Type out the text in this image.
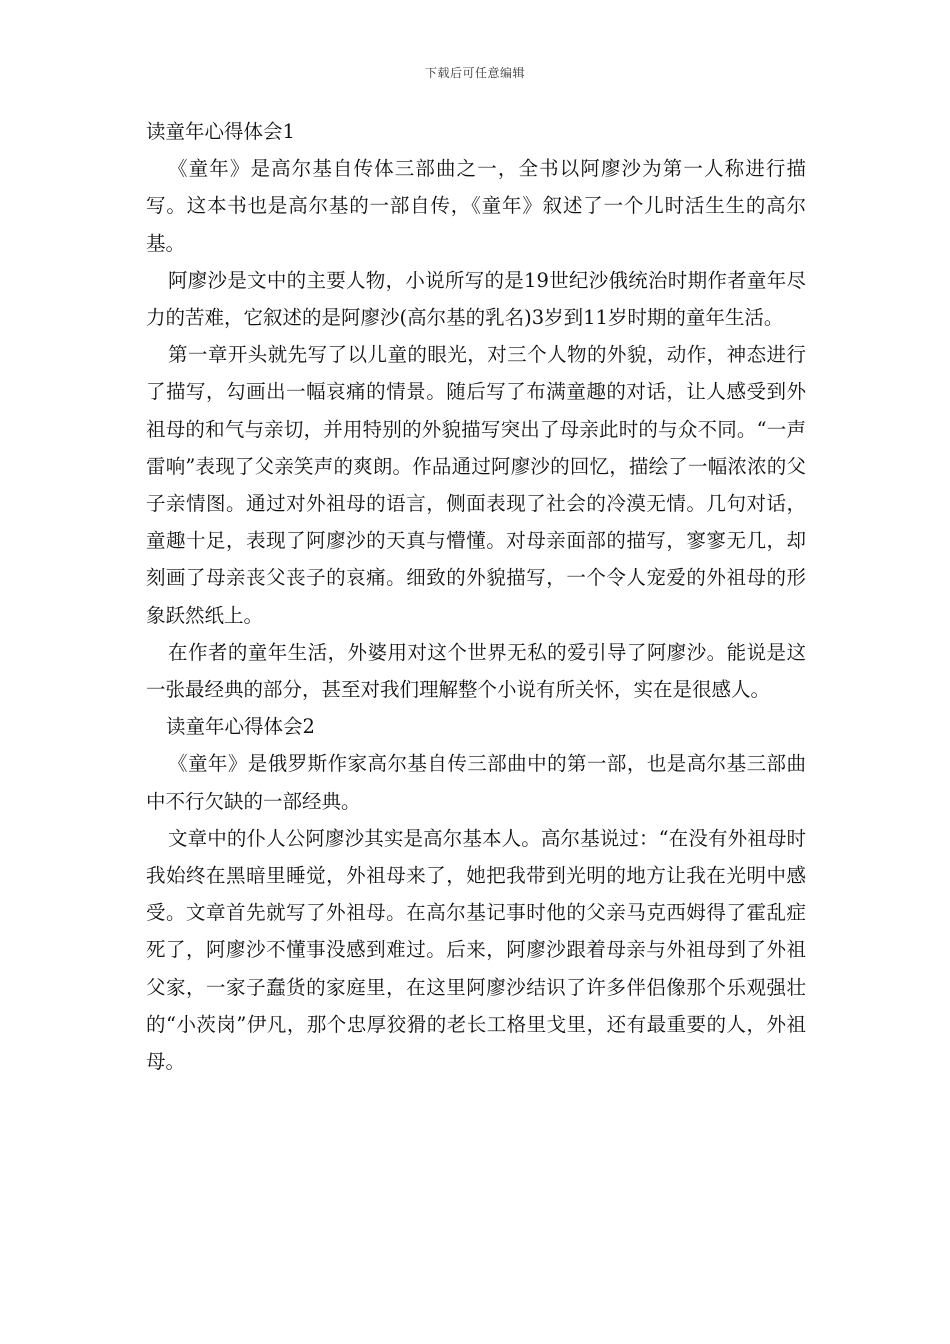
下载后可任意编辑

读童年心得体会1

《童年》是高尔基自传体三部曲之一，全书以阿廖沙为第一人称进行描写。这本书也是高尔基的一部自传，《童年》叙述了一个儿时活生生的高尔基。

阿廖沙是文中的主要人物，小说所写的是19世纪沙俄统治时期作者童年尽力的苦难，它叙述的是阿廖沙(高尔基的乳名)3岁到11岁时期的童年生活。

第一章开头就先写了以儿童的眼光，对三个人物的外貌，动作，神态进行了描写，勾画出一幅哀痛的情景。随后写了布满童趣的对话，让人感受到外祖母的和气与亲切，并用特别的外貌描写突出了母亲此时的与众不同。“一声雷响”表现了父亲笑声的爽朗。作品通过阿廖沙的回忆，描绘了一幅浓浓的父子亲情图。通过对外祖母的语言，侧面表现了社会的冷漠无情。几句对话，童趣十足，表现了阿廖沙的天真与懵懂。对母亲面部的描写，寥寥无几，却刻画了母亲丧父丧子的哀痛。细致的外貌描写，一个令人宠爱的外祖母的形象跃然纸上。

在作者的童年生活，外婆用对这个世界无私的爱引导了阿廖沙。能说是这一张最经典的部分，甚至对我们理解整个小说有所关怀，实在是很感人。

读童年心得体会2

《童年》是俄罗斯作家高尔基自传三部曲中的第一部，也是高尔基三部曲中不行欠缺的一部经典。

文章中的仆人公阿廖沙其实是高尔基本人。高尔基说过：“在没有外祖母时我始终在黑暗里睡觉，外祖母来了，她把我带到光明的地方让我在光明中感受。文章首先就写了外祖母。在高尔基记事时他的父亲马克西姆得了霍乱症死了，阿廖沙不懂事没感到难过。后来，阿廖沙跟着母亲与外祖母到了外祖父家，一家子蠢货的家庭里，在这里阿廖沙结识了许多伴侣像那个乐观强壮的“小茨岗”伊凡，那个忠厚狡猾的老长工格里戈里，还有最重要的人，外祖母。
